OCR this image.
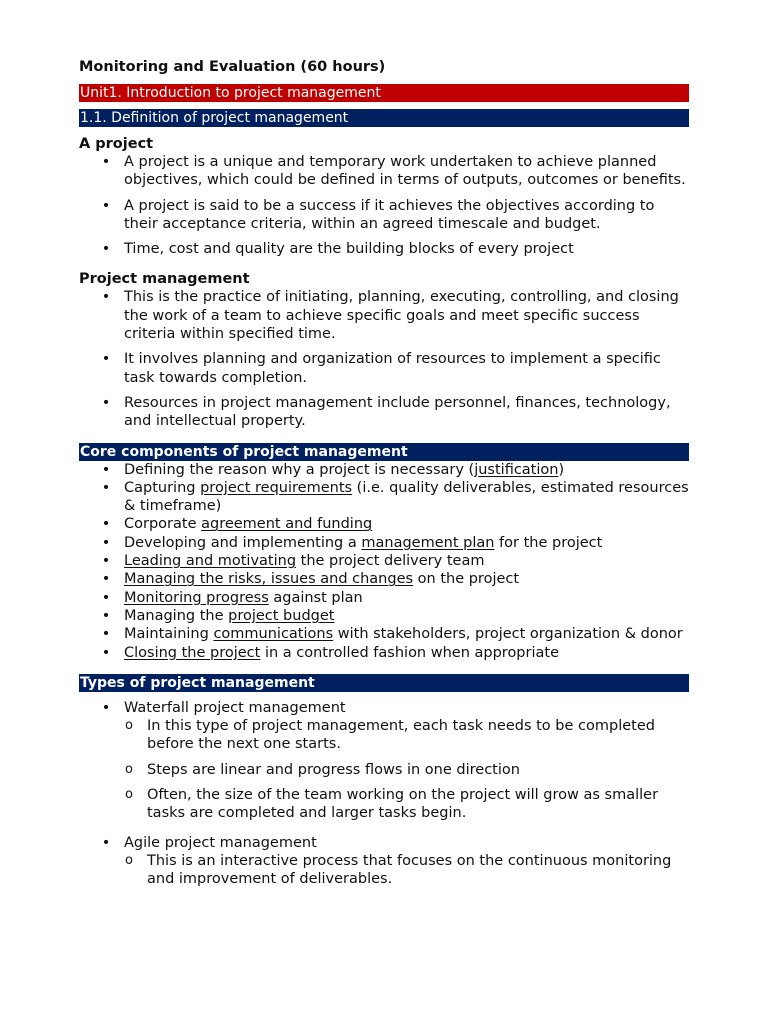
Monitoring and Evaluation (60 hours)
Unit1. Introduction to project management
1.1. Definition of project management
A project
• A project is a unique and temporary work undertaken to achieve planned objectives, which could be defined in terms of outputs, outcomes or benefits.
• A project is said to be a success if it achieves the objectives according to their acceptance criteria, within an agreed timescale and budget.
• Time, cost and quality are the building blocks of every project
Project management
• This is the practice of initiating, planning, executing, controlling, and closing the work of a team to achieve specific goals and meet specific success criteria within specified time.
• It involves planning and organization of resources to implement a specific task towards completion.
• Resources in project management include personnel, finances, technology, and intellectual property.
Core components of project management
• Defining the reason why a project is necessary (justification)
• Capturing project requirements (i.e. quality deliverables, estimated resources & timeframe)
• Corporate agreement and funding
• Developing and implementing a management plan for the project
• Leading and motivating the project delivery team
• Managing the risks, issues and changes on the project
• Monitoring progress against plan
• Managing the project budget
• Maintaining communications with stakeholders, project organization & donor
• Closing the project in a controlled fashion when appropriate
Types of project management
• Waterfall project management
o In this type of project management, each task needs to be completed before the next one starts.
o Steps are linear and progress flows in one direction
o Often, the size of the team working on the project will grow as smaller tasks are completed and larger tasks begin.
• Agile project management
o This is an interactive process that focuses on the continuous monitoring and improvement of deliverables.
